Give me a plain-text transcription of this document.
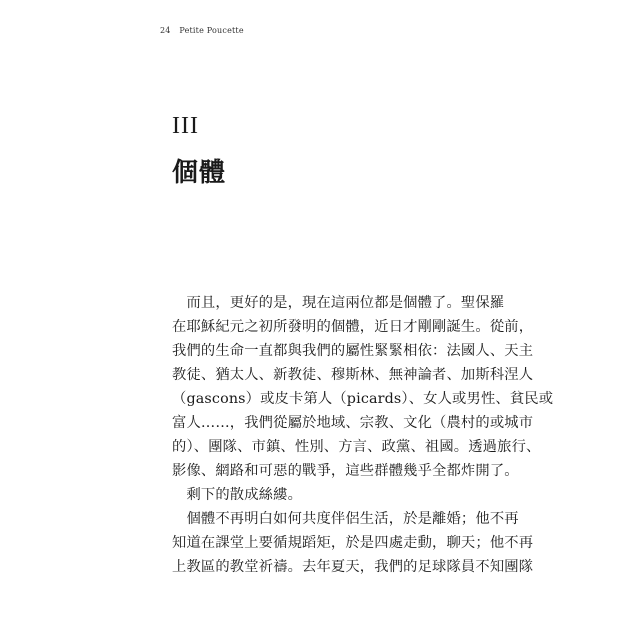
24 Petite Poucette
III
個體
　而且，更好的是，現在這兩位都是個體了。聖保羅
在耶穌紀元之初所發明的個體，近日才剛剛誕生。從前，
我們的生命一直都與我們的屬性緊緊相依：法國人、天主
教徒、猶太人、新教徒、穆斯林、無神論者、加斯科涅人
（gascons）或皮卡第人（picards）、女人或男性、貧民或
富人……，我們從屬於地域、宗教、文化（農村的或城市
的）、團隊、市鎮、性別、方言、政黨、祖國。透過旅行、
影像、網路和可惡的戰爭，這些群體幾乎全都炸開了。
　剩下的散成絲縷。
　個體不再明白如何共度伴侶生活，於是離婚；他不再
知道在課堂上要循規蹈矩，於是四處走動，聊天；他不再
上教區的教堂祈禱。去年夏天，我們的足球隊員不知團隊
